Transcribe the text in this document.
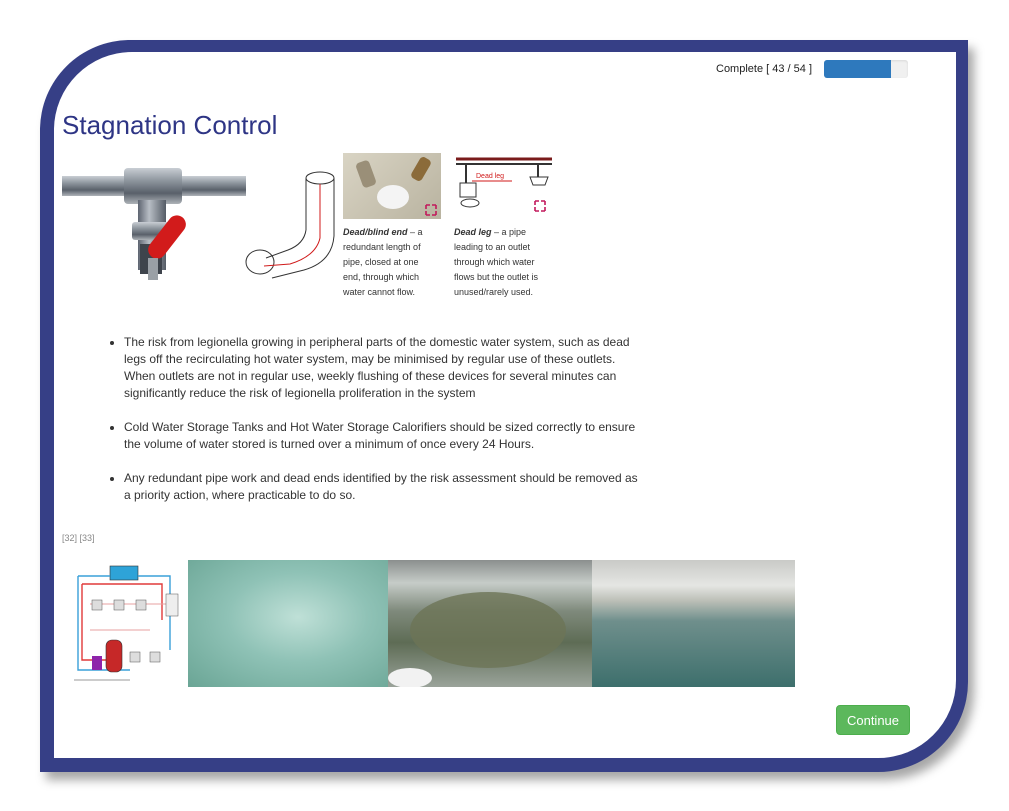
Complete [ 43 / 54 ]
Stagnation Control
Dead/blind end – a
redundant length of
pipe, closed at one
end, through which
water cannot flow.
Dead leg
Dead leg – a pipe
leading to an outlet
through which water
flows but the outlet is
unused/rarely used.
• The risk from legionella growing in peripheral parts of the domestic water system, such as dead legs off the recirculating hot water system, may be minimised by regular use of these outlets. When outlets are not in regular use, weekly flushing of these devices for several minutes can significantly reduce the risk of legionella proliferation in the system
• Cold Water Storage Tanks and Hot Water Storage Calorifiers should be sized correctly to ensure the volume of water stored is turned over a minimum of once every 24 Hours.
• Any redundant pipe work and dead ends identified by the risk assessment should be removed as a priority action, where practicable to do so.
[32] [33]
Continue
